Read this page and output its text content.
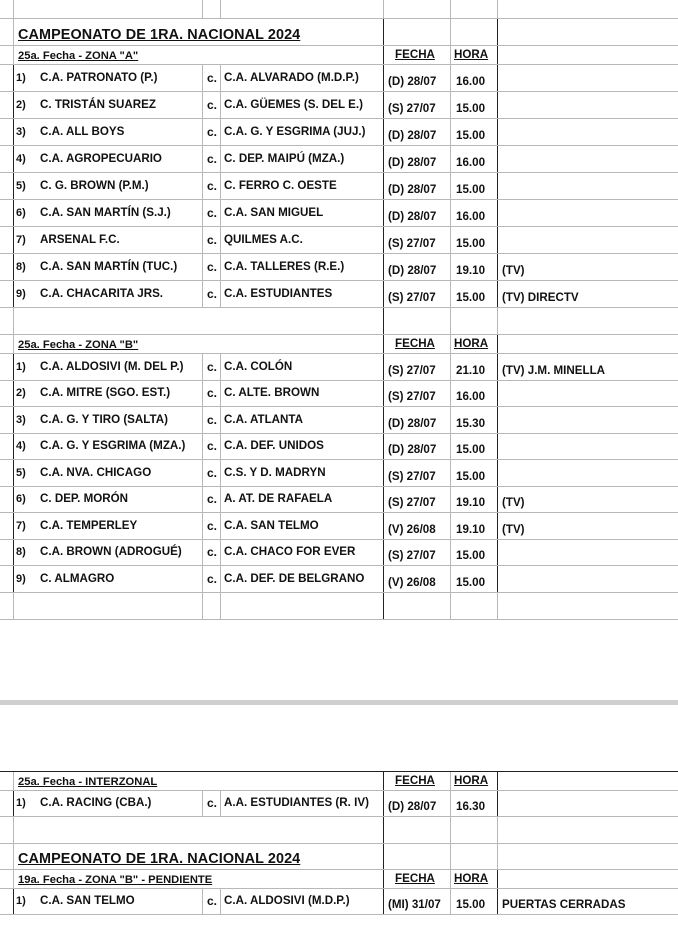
CAMPEONATO DE 1RA. NACIONAL 2024
25a. Fecha - ZONA "A"	FECHA HORA
1) C.A. PATRONATO (P.)	c. C.A. ALVARADO (M.D.P.)	(D) 28/07 16.00
2) C. TRISTÁN SUAREZ	c. C.A. GÜEMES (S. DEL E.) (S) 27/07 15.00
3) C.A. ALL BOYS	c. C.A. G. Y ESGRIMA (JUJ.) (D) 28/07 15.00
4) C.A. AGROPECUARIO	c. C. DEP. MAIPÚ (MZA.)	(D) 28/07 16.00
5) C. G. BROWN (P.M.)	c. C. FERRO C. OESTE	(D) 28/07 15.00
6) C.A. SAN MARTÍN (S.J.)	c. C.A. SAN MIGUEL	(D) 28/07 16.00
7) ARSENAL F.C.	c. QUILMES A.C.	(S) 27/07 15.00
8) C.A. SAN MARTÍN (TUC.) c. C.A. TALLERES (R.E.)	(D) 28/07 19.10 (TV)
9) C.A. CHACARITA JRS.	c. C.A. ESTUDIANTES	(S) 27/07 15.00 (TV) DIRECTV
25a. Fecha - ZONA "B"	FECHA HORA
1) C.A. ALDOSIVI (M. DEL P.) c. C.A. COLÓN	(S) 27/07 21.10 (TV) J.M. MINELLA
2) C.A. MITRE (SGO. EST.)	c. C. ALTE. BROWN	(S) 27/07 16.00
3) C.A. G. Y TIRO (SALTA)	c. C.A. ATLANTA	(D) 28/07 15.30
4) C.A. G. Y ESGRIMA (MZA.) c. C.A. DEF. UNIDOS	(D) 28/07 15.00
5) C.A. NVA. CHICAGO	c. C.S. Y D. MADRYN	(S) 27/07 15.00
6) C. DEP. MORÓN	c. A. AT. DE RAFAELA	(S) 27/07 19.10 (TV)
7) C.A. TEMPERLEY	c. C.A. SAN TELMO	(V) 26/08 19.10 (TV)
8) C.A. BROWN (ADROGUÉ) c. C.A. CHACO FOR EVER	(S) 27/07 15.00
9) C. ALMAGRO	c. C.A. DEF. DE BELGRANO (V) 26/08 15.00
25a. Fecha - INTERZONAL	FECHA HORA
1) C.A. RACING (CBA.)	c. A.A. ESTUDIANTES (R. IV) (D) 28/07 16.30
CAMPEONATO DE 1RA. NACIONAL 2024
19a. Fecha - ZONA "B" - PENDIENTE	FECHA HORA
1) C.A. SAN TELMO	c. C.A. ALDOSIVI (M.D.P.)	(MI) 31/07 15.00 PUERTAS CERRADAS
